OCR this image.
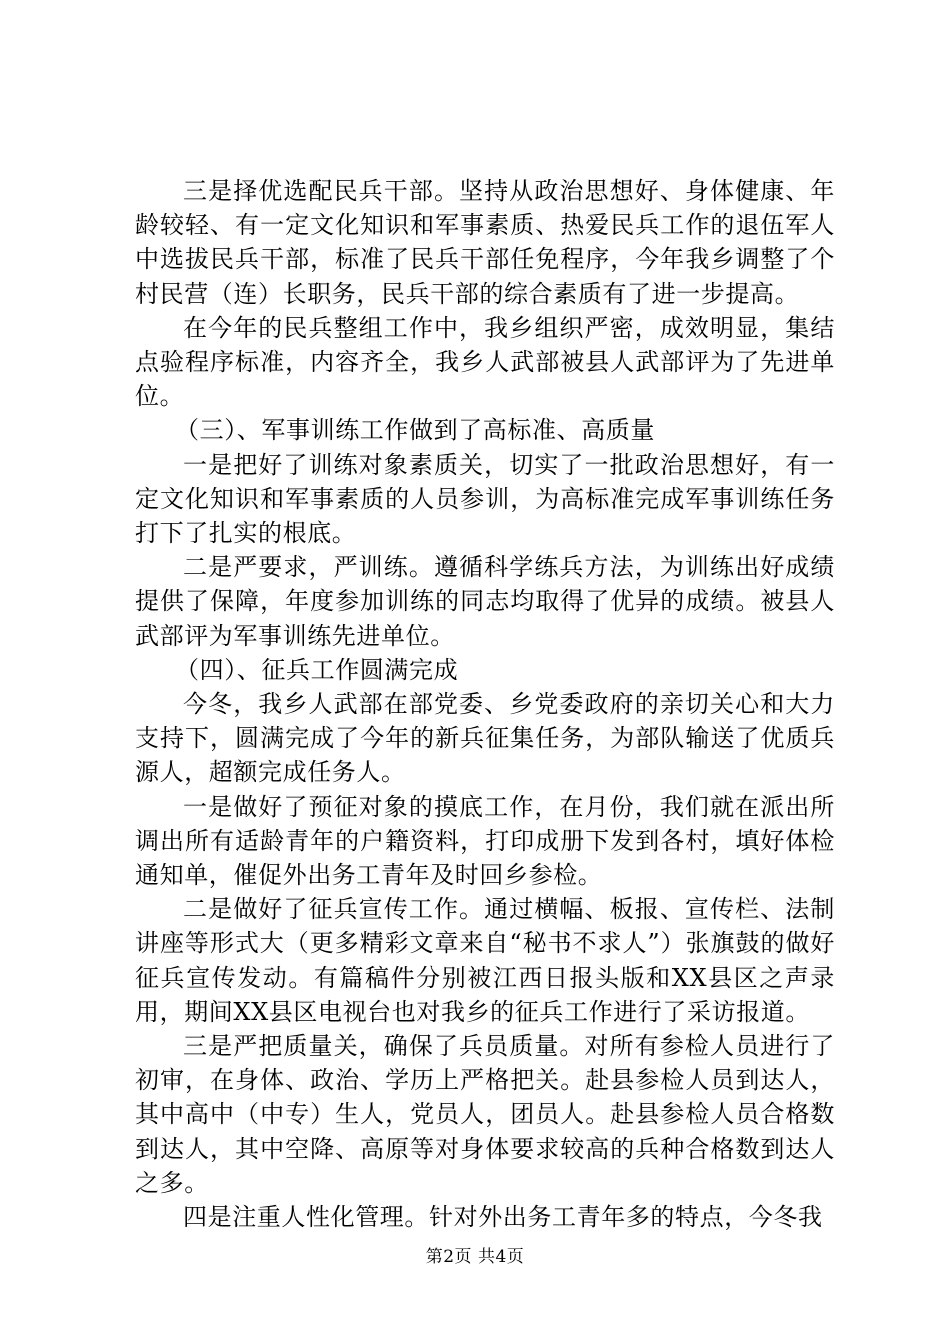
三是择优选配民兵干部。坚持从政治思想好、身体健康、年龄较轻、有一定文化知识和军事素质、热爱民兵工作的退伍军人中选拔民兵干部，标准了民兵干部任免程序，今年我乡调整了个村民营（连）长职务，民兵干部的综合素质有了进一步提高。

在今年的民兵整组工作中，我乡组织严密，成效明显，集结点验程序标准，内容齐全，我乡人武部被县人武部评为了先进单位。

（三）、军事训练工作做到了高标准、高质量

一是把好了训练对象素质关，切实了一批政治思想好，有一定文化知识和军事素质的人员参训，为高标准完成军事训练任务打下了扎实的根底。

二是严要求，严训练。遵循科学练兵方法，为训练出好成绩提供了保障，年度参加训练的同志均取得了优异的成绩。被县人武部评为军事训练先进单位。

（四）、征兵工作圆满完成

今冬，我乡人武部在部党委、乡党委政府的亲切关心和大力支持下，圆满完成了今年的新兵征集任务，为部队输送了优质兵源人，超额完成任务人。

一是做好了预征对象的摸底工作，在月份，我们就在派出所调出所有适龄青年的户籍资料，打印成册下发到各村，填好体检通知单，催促外出务工青年及时回乡参检。

二是做好了征兵宣传工作。通过横幅、板报、宣传栏、法制讲座等形式大（更多精彩文章来自“秘书不求人”）张旗鼓的做好征兵宣传发动。有篇稿件分别被江西日报头版和XX县区之声录用，期间XX县区电视台也对我乡的征兵工作进行了采访报道。

三是严把质量关，确保了兵员质量。对所有参检人员进行了初审，在身体、政治、学历上严格把关。赴县参检人员到达人，其中高中（中专）生人，党员人，团员人。赴县参检人员合格数到达人，其中空降、高原等对身体要求较高的兵种合格数到达人之多。

四是注重人性化管理。针对外出务工青年多的特点，今冬我

第2页 共4页
